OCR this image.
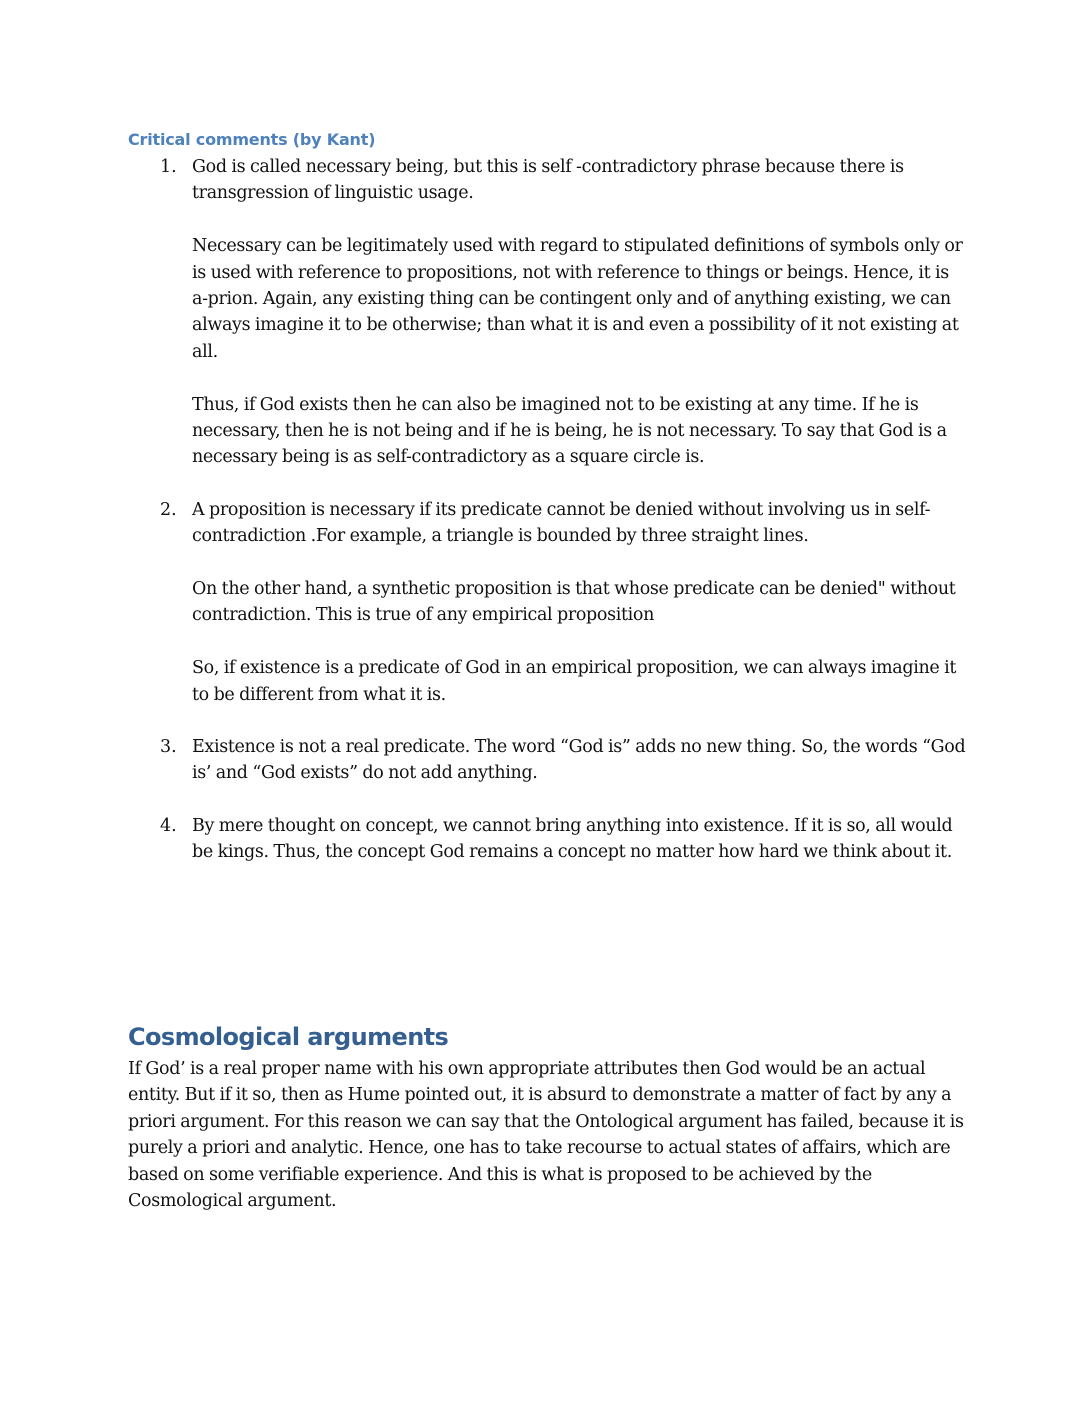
Critical comments (by Kant)
1. God is called necessary being, but this is self -contradictory phrase because there is transgression of linguistic usage.

Necessary can be legitimately used with regard to stipulated definitions of symbols only or is used with reference to propositions, not with reference to things or beings. Hence, it is a-prion. Again, any existing thing can be contingent only and of anything existing, we can always imagine it to be otherwise; than what it is and even a possibility of it not existing at all.

Thus, if God exists then he can also be imagined not to be existing at any time. If he is necessary, then he is not being and if he is being, he is not necessary. To say that God is a necessary being is as self-contradictory as a square circle is.

2. A proposition is necessary if its predicate cannot be denied without involving us in self-contradiction .For example, a triangle is bounded by three straight lines.

On the other hand, a synthetic proposition is that whose predicate can be denied" without contradiction. This is true of any empirical proposition

So, if existence is a predicate of God in an empirical proposition, we can always imagine it to be different from what it is.

3. Existence is not a real predicate. The word “God is” adds no new thing. So, the words “God is’ and “God exists” do not add anything.

4. By mere thought on concept, we cannot bring anything into existence. If it is so, all would be kings. Thus, the concept God remains a concept no matter how hard we think about it.

Cosmological arguments

If God’ is a real proper name with his own appropriate attributes then God would be an actual entity. But if it so, then as Hume pointed out, it is absurd to demonstrate a matter of fact by any a priori argument. For this reason we can say that the Ontological argument has failed, because it is purely a priori and analytic. Hence, one has to take recourse to actual states of affairs, which are based on some verifiable experience. And this is what is proposed to be achieved by the Cosmological argument.
